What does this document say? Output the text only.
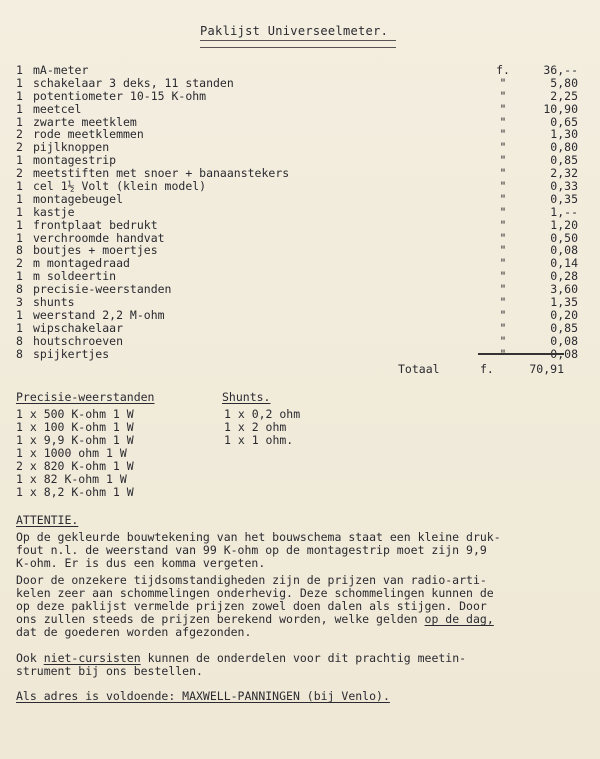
Paklijst Universeelmeter.
1 mA-meter	f.	36,--
1 schakelaar 3 deks, 11 standen	"	5,80
1 potentiometer 10-15 K-ohm	"	2,25
1 meetcel	"	10,90
1 zwarte meetklem	"	0,65
2 rode meetklemmen	"	1,30
2 pijlknoppen	"	0,80
1 montagestrip	"	0,85
2 meetstiften met snoer + banaanstekers	"	2,32
1 cel 1½ Volt (klein model)	"	0,33
1 montagebeugel	"	0,35
1 kastje	"	1,--
1 frontplaat bedrukt	"	1,20
1 verchroomde handvat	"	0,50
8 boutjes + moertjes	"	0,08
2 m montagedraad	"	0,14
1 m soldeertin	"	0,28
8 precisie-weerstanden	"	3,60
3 shunts	"	1,35
1 weerstand 2,2 M-ohm	"	0,20
1 wipschakelaar	"	0,85
8 houtschroeven	"	0,08
8 spijkertjes	"	0,08
Totaal	f.	70,91
Precisie-weerstanden
1 x 500 K-ohm 1 W
1 x 100 K-ohm 1 W
1 x 9,9 K-ohm 1 W
1 x 1000 ohm 1 W
2 x 820 K-ohm 1 W
1 x 82 K-ohm 1 W
1 x 8,2 K-ohm 1 W
Shunts.
1 x 0,2 ohm
1 x 2 ohm
1 x 1 ohm.
ATTENTIE.
Op de gekleurde bouwtekening van het bouwschema staat een kleine druk-
fout n.l. de weerstand van 99 K-ohm op de montagestrip moet zijn 9,9
K-ohm. Er is dus een komma vergeten.
Door de onzekere tijdsomstandigheden zijn de prijzen van radio-arti-
kelen zeer aan schommelingen onderhevig. Deze schommelingen kunnen de
op deze paklijst vermelde prijzen zowel doen dalen als stijgen. Door
ons zullen steeds de prijzen berekend worden, welke gelden op de dag,
dat de goederen worden afgezonden.
Ook niet-cursisten kunnen de onderdelen voor dit prachtig meetin-
strument bij ons bestellen.
Als adres is voldoende: MAXWELL-PANNINGEN (bij Venlo).
